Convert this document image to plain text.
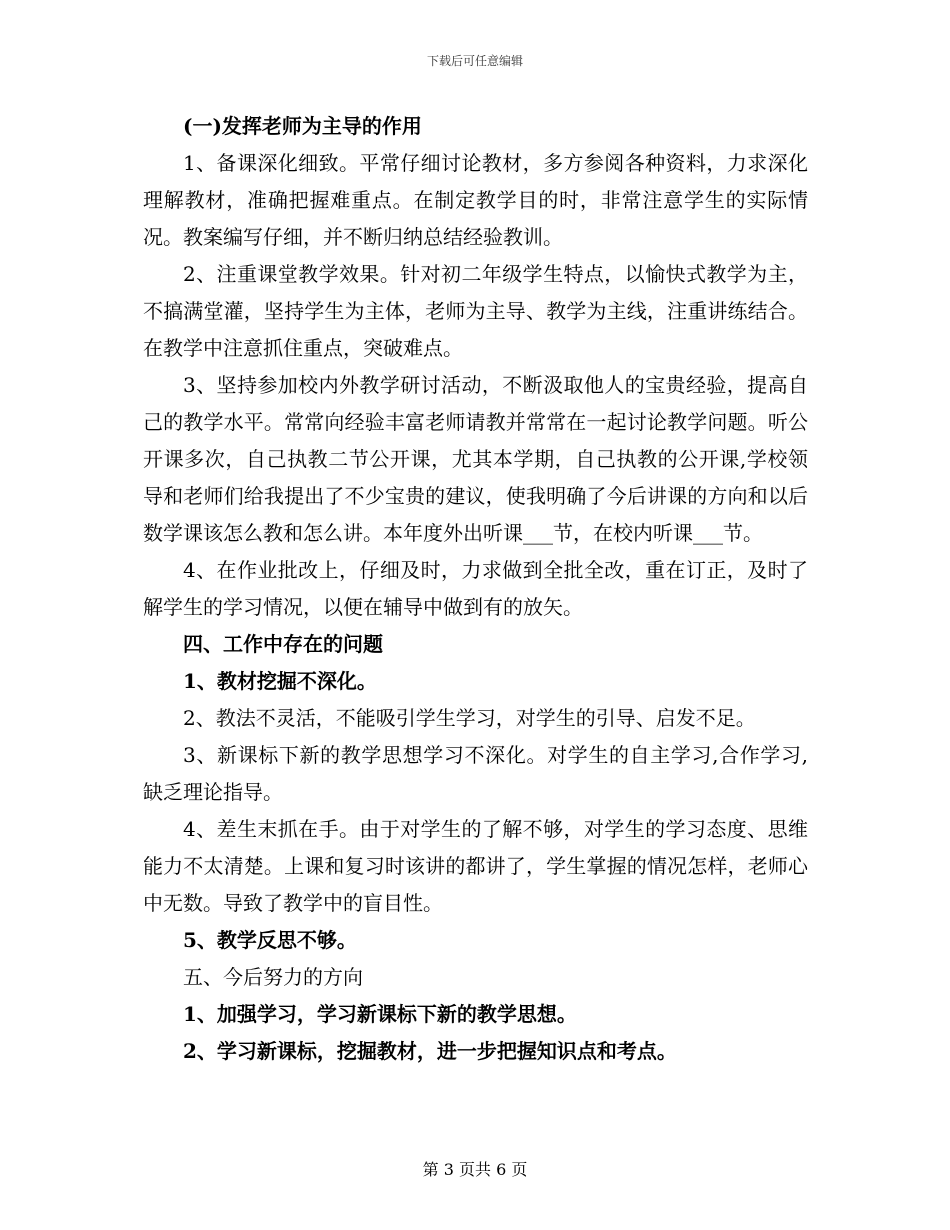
下载后可任意编辑

(一)发挥老师为主导的作用

1、备课深化细致。平常仔细讨论教材，多方参阅各种资料，力求深化理解教材，准确把握难重点。在制定教学目的时，非常注意学生的实际情况。教案编写仔细，并不断归纳总结经验教训。

2、注重课堂教学效果。针对初二年级学生特点，以愉快式教学为主，不搞满堂灌，坚持学生为主体，老师为主导、教学为主线，注重讲练结合。在教学中注意抓住重点，突破难点。

3、坚持参加校内外教学研讨活动，不断汲取他人的宝贵经验，提高自己的教学水平。常常向经验丰富老师请教并常常在一起讨论教学问题。听公开课多次，自己执教二节公开课，尤其本学期，自己执教的公开课,学校领导和老师们给我提出了不少宝贵的建议，使我明确了今后讲课的方向和以后数学课该怎么教和怎么讲。本年度外出听课___节，在校内听课___节。

4、在作业批改上，仔细及时，力求做到全批全改，重在订正，及时了解学生的学习情况，以便在辅导中做到有的放矢。

四、工作中存在的问题

1、教材挖掘不深化。

2、教法不灵活，不能吸引学生学习，对学生的引导、启发不足。

3、新课标下新的教学思想学习不深化。对学生的自主学习,合作学习,缺乏理论指导。

4、差生末抓在手。由于对学生的了解不够，对学生的学习态度、思维能力不太清楚。上课和复习时该讲的都讲了，学生掌握的情况怎样，老师心中无数。导致了教学中的盲目性。

5、教学反思不够。

五、今后努力的方向

1、加强学习，学习新课标下新的教学思想。

2、学习新课标，挖掘教材，进一步把握知识点和考点。

第 3 页共 6 页
